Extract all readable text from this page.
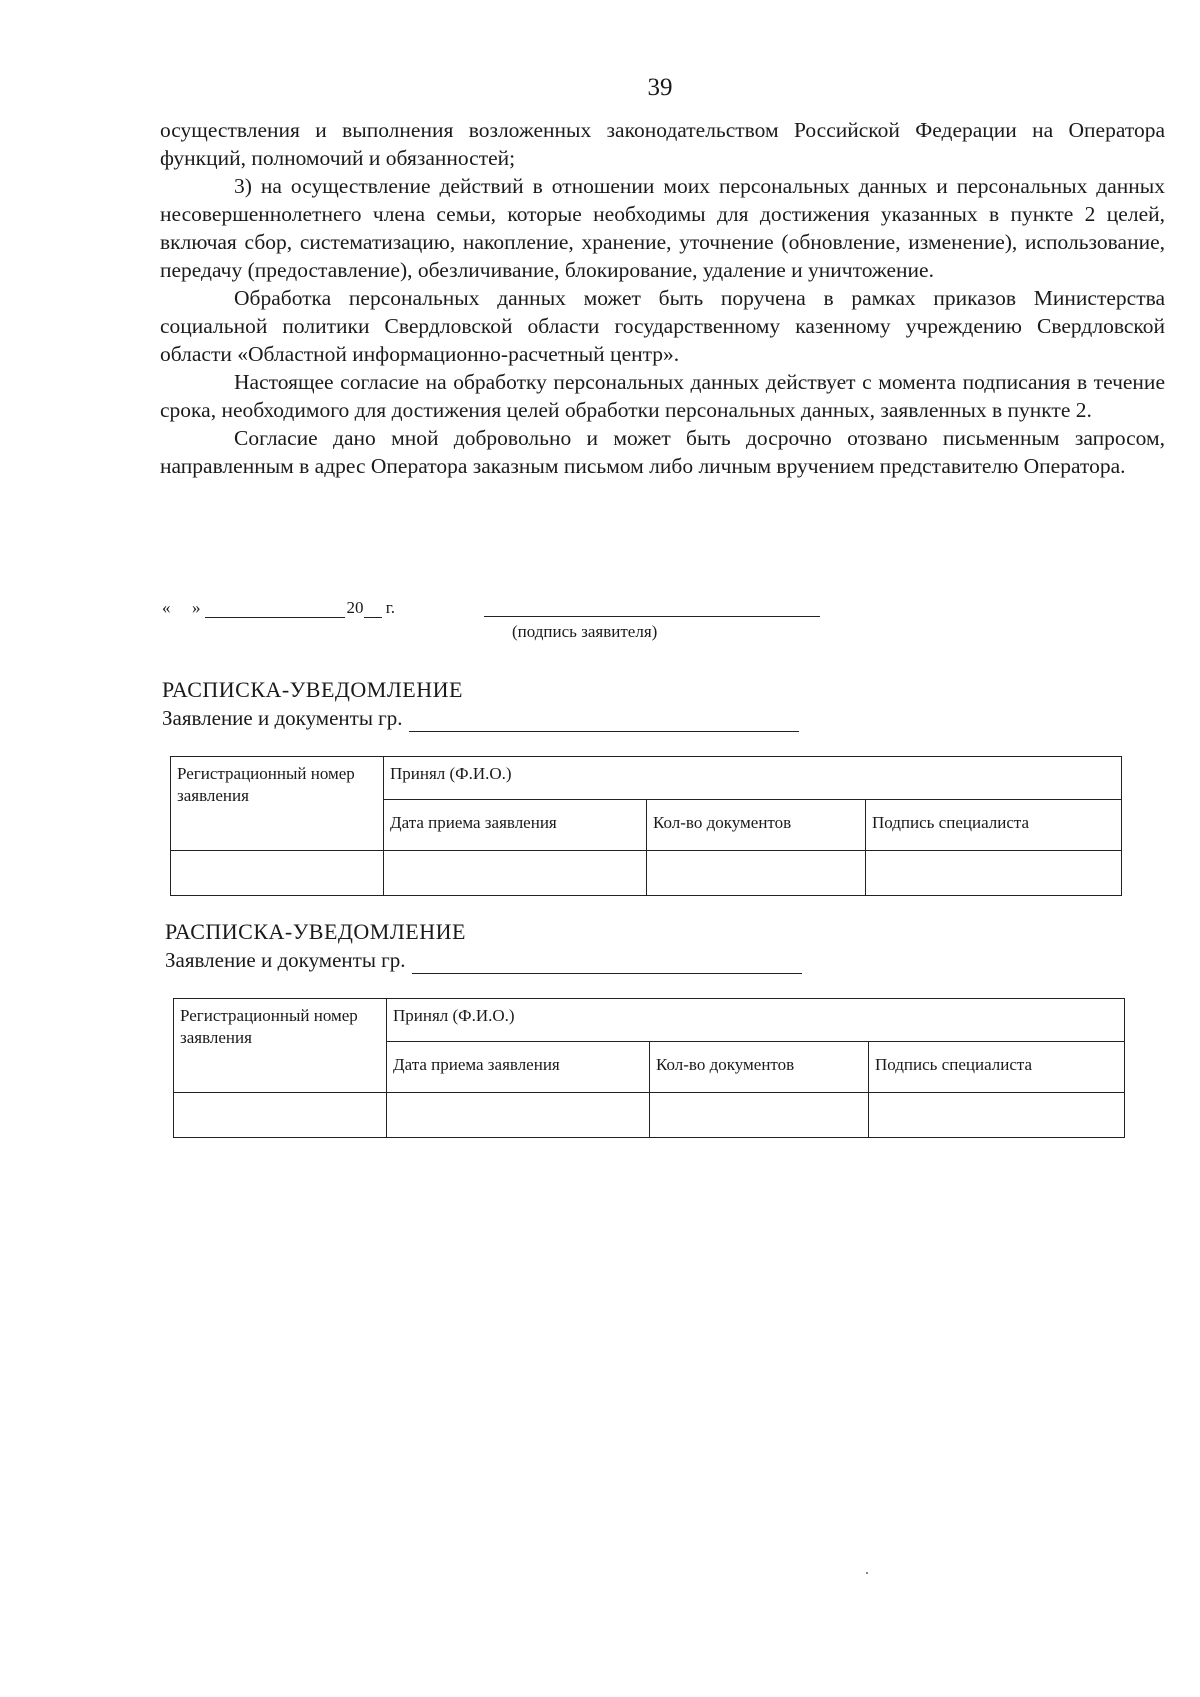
39

осуществления и выполнения возложенных законодательством Российской Федерации на Оператора функций, полномочий и обязанностей;

3) на осуществление действий в отношении моих персональных данных и персональных данных несовершеннолетнего члена семьи, которые необходимы для достижения указанных в пункте 2 целей, включая сбор, систематизацию, накопление, хранение, уточнение (обновление, изменение), использование, передачу (предоставление), обезличивание, блокирование, удаление и уничтожение.

Обработка персональных данных может быть поручена в рамках приказов Министерства социальной политики Свердловской области государственному казенному учреждению Свердловской области «Областной информационно-расчетный центр».

Настоящее согласие на обработку персональных данных действует с момента подписания в течение срока, необходимого для достижения целей обработки персональных данных, заявленных в пункте 2.

Согласие дано мной добровольно и может быть досрочно отозвано письменным запросом, направленным в адрес Оператора заказным письмом либо личным вручением представителю Оператора.

« »	20 г.
(подпись заявителя)
РАСПИСКА-УВЕДОМЛЕНИЕ
Заявление и документы гр.
Регистрационный номер заявления	Принял (Ф.И.О.)		
	Дата приема заявления	Кол-во документов	Подпись специалиста

РАСПИСКА-УВЕДОМЛЕНИЕ
Заявление и документы гр.
Регистрационный номер заявления	Принял (Ф.И.О.)		
	Дата приема заявления	Кол-во документов	Подпись специалиста
